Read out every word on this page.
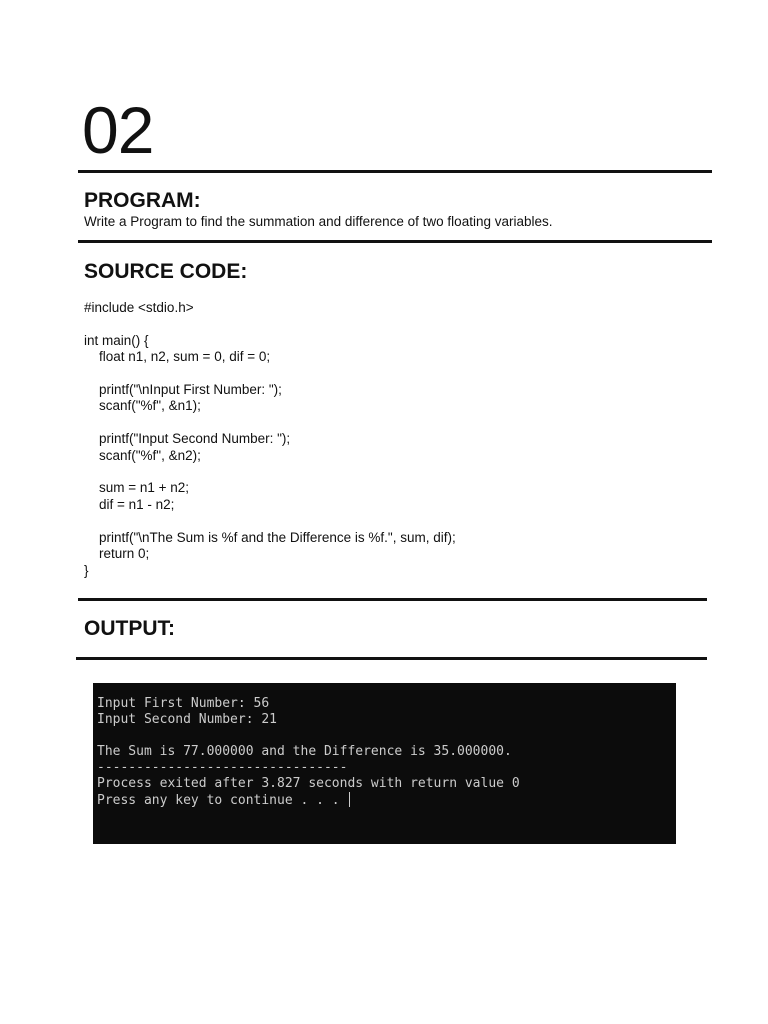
02
PROGRAM:
Write a Program to find the summation and difference of two floating variables.
SOURCE CODE:
#include <stdio.h>

int main() {
float n1, n2, sum = 0, dif = 0;

printf("\nInput First Number: ");
scanf("%f", &n1);

printf("Input Second Number: ");
scanf("%f", &n2);

sum = n1 + n2;
dif = n1 - n2;

printf("\nThe Sum is %f and the Difference is %f.", sum, dif);
return 0;
}
OUTPUT:
Input First Number: 56
Input Second Number: 21

The Sum is 77.000000 and the Difference is 35.000000.
--------------------------------
Process exited after 3.827 seconds with return value 0
Press any key to continue . . .
